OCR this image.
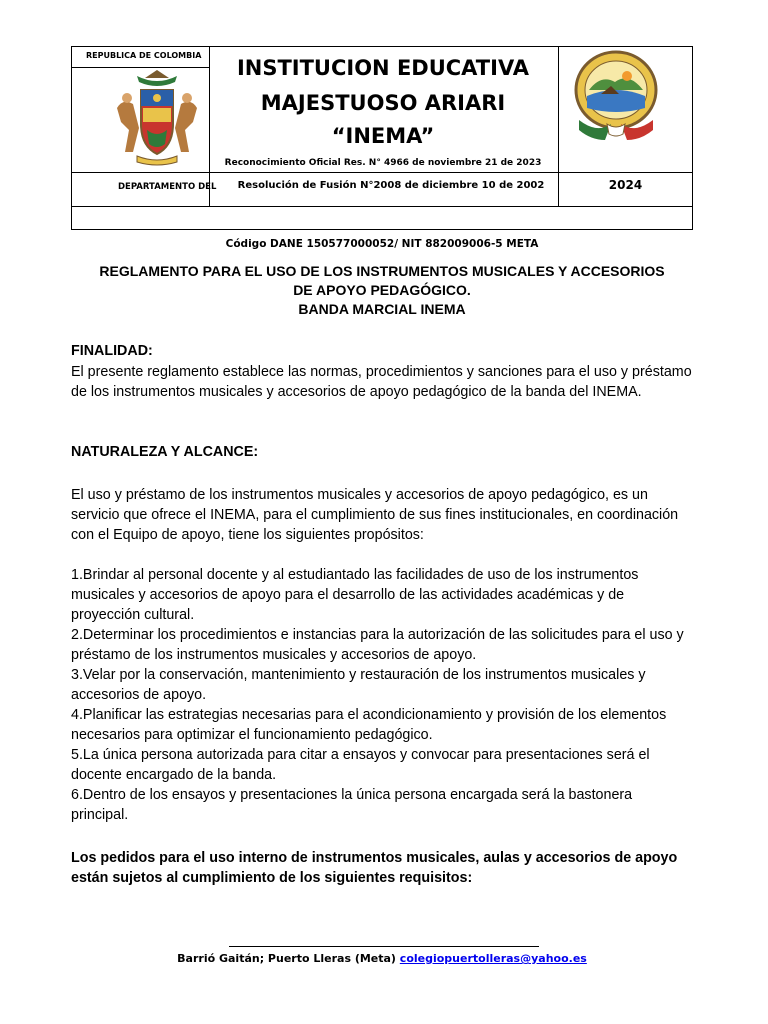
REPUBLICA DE COLOMBIA
INSTITUCION EDUCATIVA
MAJESTUOSO ARIARI
“INEMA”
Reconocimiento Oficial Res. N° 4966 de noviembre 21 de 2023
DEPARTAMENTO DEL	Resolución de Fusión N°2008 de diciembre 10 de 2002	2024
Código DANE 150577000052/ NIT 882009006-5 META
REGLAMENTO PARA EL USO DE LOS INSTRUMENTOS MUSICALES Y ACCESORIOS
DE APOYO PEDAGÓGICO.
BANDA MARCIAL INEMA
FINALIDAD:
El presente reglamento establece las normas, procedimientos y sanciones para el uso y préstamo de los instrumentos musicales y accesorios de apoyo pedagógico de la banda del INEMA.
NATURALEZA Y ALCANCE:
El uso y préstamo de los instrumentos musicales y accesorios de apoyo pedagógico, es un servicio que ofrece el INEMA, para el cumplimiento de sus fines institucionales, en coordinación con el Equipo de apoyo, tiene los siguientes propósitos:
1.Brindar al personal docente y al estudiantado las facilidades de uso de los instrumentos musicales y accesorios de apoyo para el desarrollo de las actividades académicas y de proyección cultural.
2.Determinar los procedimientos e instancias para la autorización de las solicitudes para el uso y préstamo de los instrumentos musicales y accesorios de apoyo.
3.Velar por la conservación, mantenimiento y restauración de los instrumentos musicales y accesorios de apoyo.
4.Planificar las estrategias necesarias para el acondicionamiento y provisión de los elementos necesarios para optimizar el funcionamiento pedagógico.
5.La única persona autorizada para citar a ensayos y convocar para presentaciones será el docente encargado de la banda.
6.Dentro de los ensayos y presentaciones la única persona encargada será la bastonera principal.
Los pedidos para el uso interno de instrumentos musicales, aulas y accesorios de apoyo están sujetos al cumplimiento de los siguientes requisitos:
Barrió Gaitán; Puerto Lleras (Meta) colegiopuertolleras@yahoo.es
